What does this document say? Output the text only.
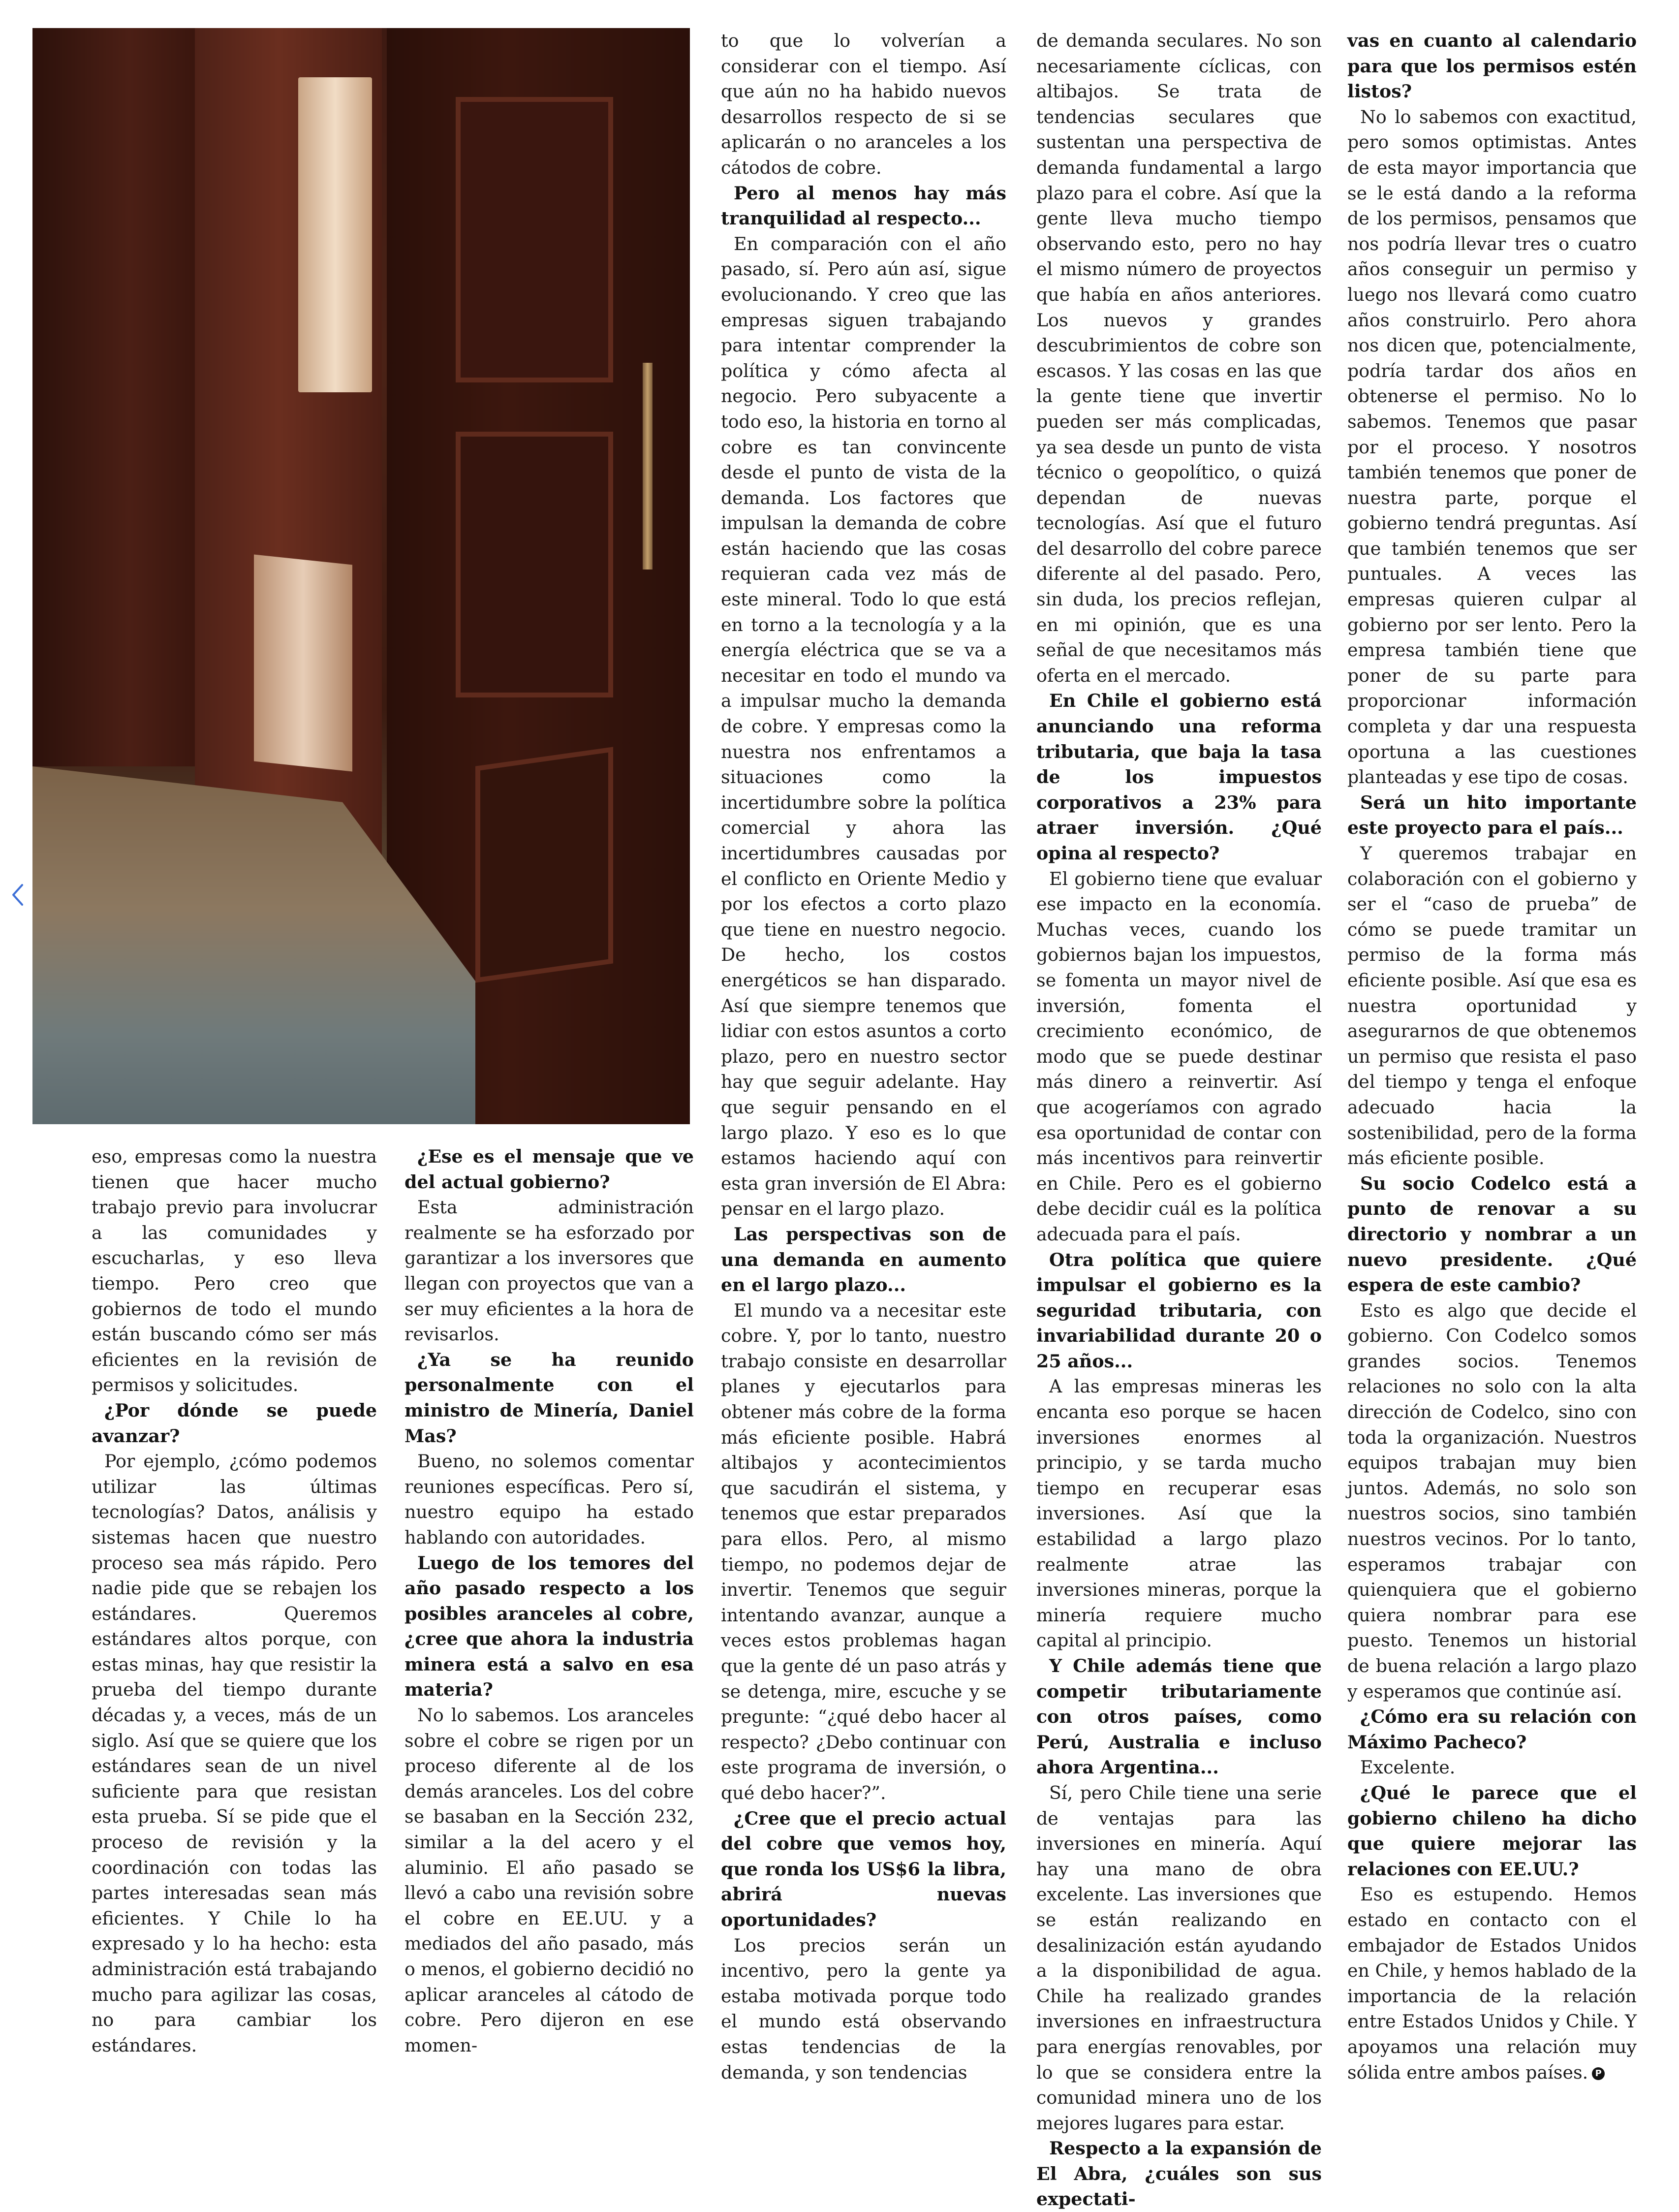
eso, empresas como la nuestra tienen que hacer mucho trabajo previo para involucrar a las comunidades y escucharlas, y eso lleva tiempo. Pero creo que gobiernos de todo el mundo están buscando cómo ser más eficientes en la revisión de permisos y solicitudes.

¿Por dónde se puede avanzar?

Por ejemplo, ¿cómo podemos utilizar las últimas tecnologías? Datos, análisis y sistemas hacen que nuestro proceso sea más rápido. Pero nadie pide que se rebajen los estándares. Queremos estándares altos porque, con estas minas, hay que resistir la prueba del tiempo durante décadas y, a veces, más de un siglo. Así que se quiere que los estándares sean de un nivel suficiente para que resistan esta prueba. Sí se pide que el proceso de revisión y la coordinación con todas las partes interesadas sean más eficientes. Y Chile lo ha expresado y lo ha hecho: esta administración está trabajando mucho para agilizar las cosas, no para cambiar los estándares.

¿Ese es el mensaje que ve del actual gobierno?

Esta administración realmente se ha esforzado por garantizar a los inversores que llegan con proyectos que van a ser muy eficientes a la hora de revisarlos.

¿Ya se ha reunido personalmente con el ministro de Minería, Daniel Mas?

Bueno, no solemos comentar reuniones específicas. Pero sí, nuestro equipo ha estado hablando con autoridades.

Luego de los temores del año pasado respecto a los posibles aranceles al cobre, ¿cree que ahora la industria minera está a salvo en esa materia?

No lo sabemos. Los aranceles sobre el cobre se rigen por un proceso diferente al de los demás aranceles. Los del cobre se basaban en la Sección 232, similar a la del acero y el aluminio. El año pasado se llevó a cabo una revisión sobre el cobre en EE.UU. y a mediados del año pasado, más o menos, el gobierno decidió no aplicar aranceles al cátodo de cobre. Pero dijeron en ese momen-

to que lo volverían a considerar con el tiempo. Así que aún no ha habido nuevos desarrollos respecto de si se aplicarán o no aranceles a los cátodos de cobre.

Pero al menos hay más tranquilidad al respecto...

En comparación con el año pasado, sí. Pero aún así, sigue evolucionando. Y creo que las empresas siguen trabajando para intentar comprender la política y cómo afecta al negocio. Pero subyacente a todo eso, la historia en torno al cobre es tan convincente desde el punto de vista de la demanda. Los factores que impulsan la demanda de cobre están haciendo que las cosas requieran cada vez más de este mineral. Todo lo que está en torno a la tecnología y a la energía eléctrica que se va a necesitar en todo el mundo va a impulsar mucho la demanda de cobre. Y empresas como la nuestra nos enfrentamos a situaciones como la incertidumbre sobre la política comercial y ahora las incertidumbres causadas por el conflicto en Oriente Medio y por los efectos a corto plazo que tiene en nuestro negocio. De hecho, los costos energéticos se han disparado. Así que siempre tenemos que lidiar con estos asuntos a corto plazo, pero en nuestro sector hay que seguir adelante. Hay que seguir pensando en el largo plazo. Y eso es lo que estamos haciendo aquí con esta gran inversión de El Abra: pensar en el largo plazo.

Las perspectivas son de una demanda en aumento en el largo plazo...

El mundo va a necesitar este cobre. Y, por lo tanto, nuestro trabajo consiste en desarrollar planes y ejecutarlos para obtener más cobre de la forma más eficiente posible. Habrá altibajos y acontecimientos que sacudirán el sistema, y tenemos que estar preparados para ellos. Pero, al mismo tiempo, no podemos dejar de invertir. Tenemos que seguir intentando avanzar, aunque a veces estos problemas hagan que la gente dé un paso atrás y se detenga, mire, escuche y se pregunte: “¿qué debo hacer al respecto? ¿Debo continuar con este programa de inversión, o qué debo hacer?”.

¿Cree que el precio actual del cobre que vemos hoy, que ronda los US$6 la libra, abrirá nuevas oportunidades?

Los precios serán un incentivo, pero la gente ya estaba motivada porque todo el mundo está observando estas tendencias de la demanda, y son tendencias

de demanda seculares. No son necesariamente cíclicas, con altibajos. Se trata de tendencias seculares que sustentan una perspectiva de demanda fundamental a largo plazo para el cobre. Así que la gente lleva mucho tiempo observando esto, pero no hay el mismo número de proyectos que había en años anteriores. Los nuevos y grandes descubrimientos de cobre son escasos. Y las cosas en las que la gente tiene que invertir pueden ser más complicadas, ya sea desde un punto de vista técnico o geopolítico, o quizá dependan de nuevas tecnologías. Así que el futuro del desarrollo del cobre parece diferente al del pasado. Pero, sin duda, los precios reflejan, en mi opinión, que es una señal de que necesitamos más oferta en el mercado.

En Chile el gobierno está anunciando una reforma tributaria, que baja la tasa de los impuestos corporativos a 23% para atraer inversión. ¿Qué opina al respecto?

El gobierno tiene que evaluar ese impacto en la economía. Muchas veces, cuando los gobiernos bajan los impuestos, se fomenta un mayor nivel de inversión, fomenta el crecimiento económico, de modo que se puede destinar más dinero a reinvertir. Así que acogeríamos con agrado esa oportunidad de contar con más incentivos para reinvertir en Chile. Pero es el gobierno debe decidir cuál es la política adecuada para el país.

Otra política que quiere impulsar el gobierno es la seguridad tributaria, con invariabilidad durante 20 o 25 años...

A las empresas mineras les encanta eso porque se hacen inversiones enormes al principio, y se tarda mucho tiempo en recuperar esas inversiones. Así que la estabilidad a largo plazo realmente atrae las inversiones mineras, porque la minería requiere mucho capital al principio.

Y Chile además tiene que competir tributariamente con otros países, como Perú, Australia e incluso ahora Argentina...

Sí, pero Chile tiene una serie de ventajas para las inversiones en minería. Aquí hay una mano de obra excelente. Las inversiones que se están realizando en desalinización están ayudando a la disponibilidad de agua. Chile ha realizado grandes inversiones en infraestructura para energías renovables, por lo que se considera entre la comunidad minera uno de los mejores lugares para estar.

Respecto a la expansión de El Abra, ¿cuáles son sus expectati-

vas en cuanto al calendario para que los permisos estén listos?

No lo sabemos con exactitud, pero somos optimistas. Antes de esta mayor importancia que se le está dando a la reforma de los permisos, pensamos que nos podría llevar tres o cuatro años conseguir un permiso y luego nos llevará como cuatro años construirlo. Pero ahora nos dicen que, potencialmente, podría tardar dos años en obtenerse el permiso. No lo sabemos. Tenemos que pasar por el proceso. Y nosotros también tenemos que poner de nuestra parte, porque el gobierno tendrá preguntas. Así que también tenemos que ser puntuales. A veces las empresas quieren culpar al gobierno por ser lento. Pero la empresa también tiene que poner de su parte para proporcionar información completa y dar una respuesta oportuna a las cuestiones planteadas y ese tipo de cosas.

Será un hito importante este proyecto para el país...

Y queremos trabajar en colaboración con el gobierno y ser el “caso de prueba” de cómo se puede tramitar un permiso de la forma más eficiente posible. Así que esa es nuestra oportunidad y asegurarnos de que obtenemos un permiso que resista el paso del tiempo y tenga el enfoque adecuado hacia la sostenibilidad, pero de la forma más eficiente posible.

Su socio Codelco está a punto de renovar a su directorio y nombrar a un nuevo presidente. ¿Qué espera de este cambio?

Esto es algo que decide el gobierno. Con Codelco somos grandes socios. Tenemos relaciones no solo con la alta dirección de Codelco, sino con toda la organización. Nuestros equipos trabajan muy bien juntos. Además, no solo son nuestros socios, sino también nuestros vecinos. Por lo tanto, esperamos trabajar con quienquiera que el gobierno quiera nombrar para ese puesto. Tenemos un historial de buena relación a largo plazo y esperamos que continúe así.

¿Cómo era su relación con Máximo Pacheco?

Excelente.

¿Qué le parece que el gobierno chileno ha dicho que quiere mejorar las relaciones con EE.UU.?

Eso es estupendo. Hemos estado en contacto con el embajador de Estados Unidos en Chile, y hemos hablado de la importancia de la relación entre Estados Unidos y Chile. Y apoyamos una relación muy sólida entre ambos países. P
